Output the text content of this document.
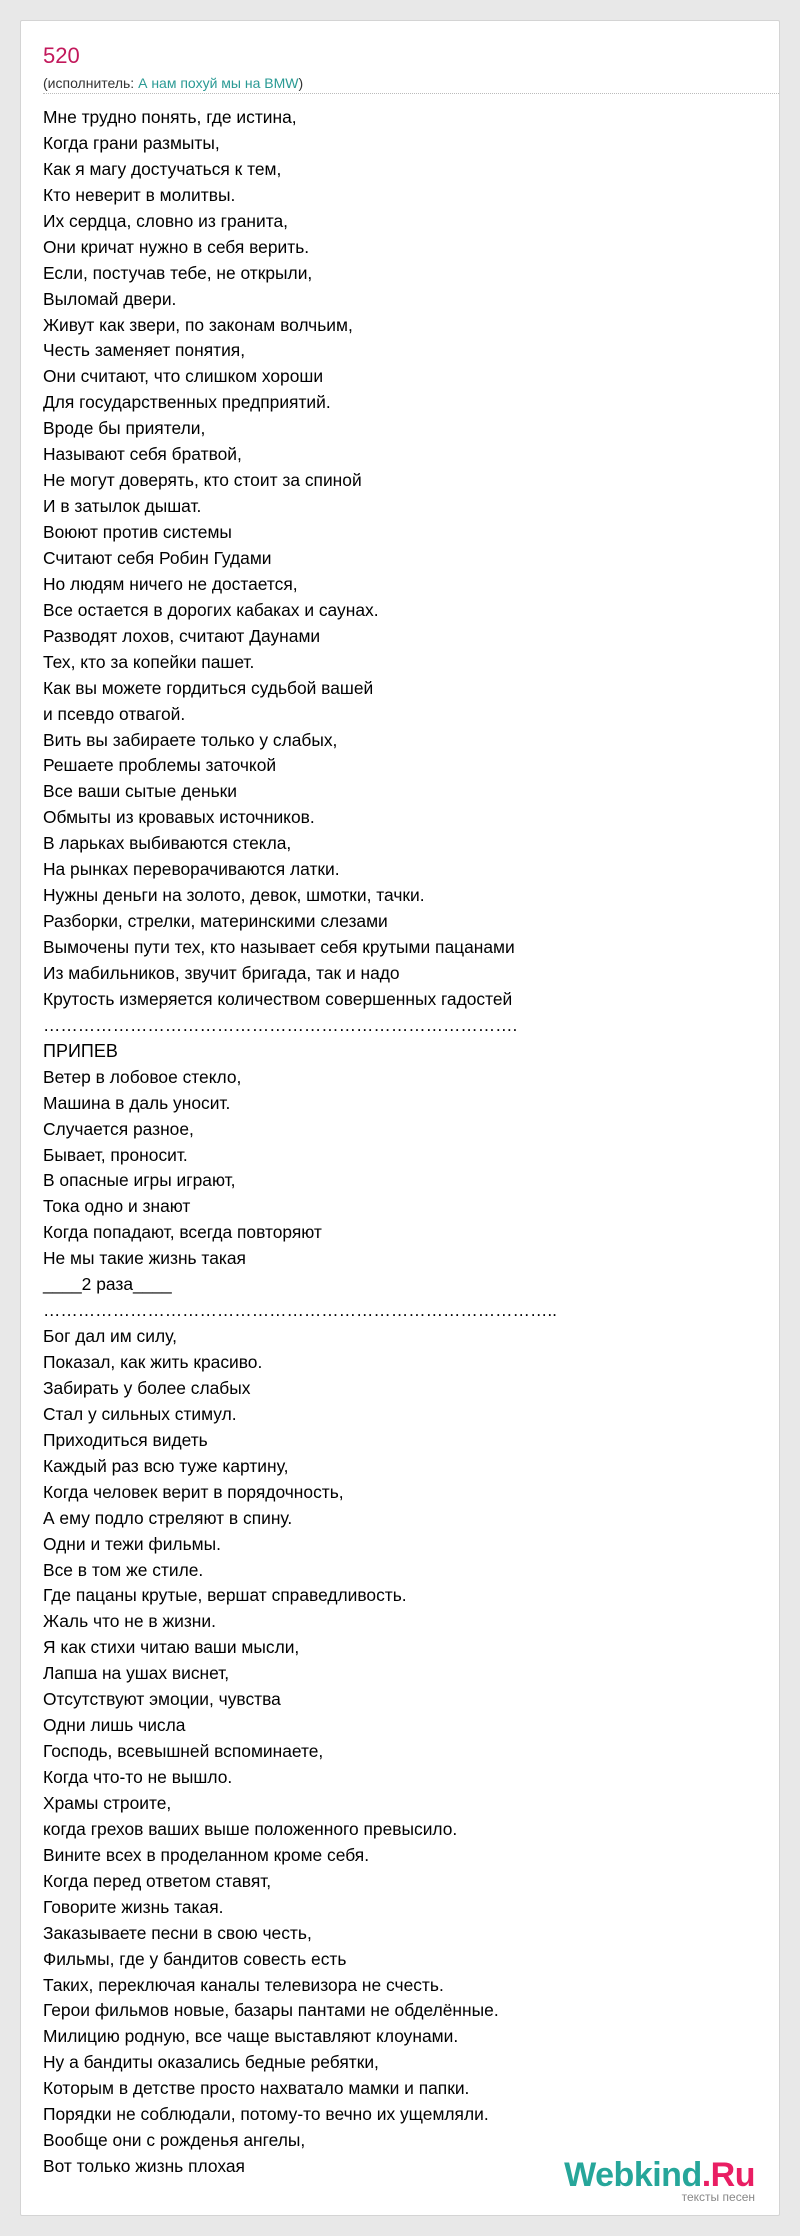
520
(исполнитель: А нам похуй мы на BMW)
Мне трудно понять, где истина,
Когда грани размыты,
Как я магу достучаться к тем,
Кто неверит в молитвы.
Их сердца, словно из гранита,
Они кричат нужно в себя верить.
Если, постучав тебе, не открыли,
Выломай двери.
Живут как звери, по законам волчьим,
Честь заменяет понятия,
Они считают, что слишком хороши
Для государственных предприятий.
Вроде бы приятели,
Называют себя братвой,
Не могут доверять, кто стоит за спиной
И в затылок дышат.
Воюют против системы
Считают себя Робин Гудами
Но людям ничего не достается,
Все остается в дорогих кабаках и саунах.
Разводят лохов, считают Даунами
Тех, кто за копейки пашет.
Как вы можете гордиться судьбой вашей
и псевдо отвагой.
Вить вы забираете только у слабых,
Решаете проблемы заточкой
Все ваши сытые деньки
Обмыты из кровавых источников.
В ларьках выбиваются стекла,
На рынках переворачиваются латки.
Нужны деньги на золото, девок, шмотки, тачки.
Разборки, стрелки, материнскими слезами
Вымочены пути тех, кто называет себя крутыми пацанами
Из мабильников, звучит бригада, так и надо
Крутость измеряется количеством совершенных гадостей
……………………………………………………………………….
ПРИПЕВ
Ветер в лобовое стекло,
Машина в даль уносит.
Случается разное,
Бывает, проносит.
В опасные игры играют,
Тока одно и знают
Когда попадают, всегда повторяют
Не мы такие жизнь такая
____2 раза____
……………………………………………………………………………..
Бог дал им силу,
Показал, как жить красиво.
Забирать у более слабых
Стал у сильных стимул.
Приходиться видеть
Каждый раз всю туже картину,
Когда человек верит в порядочность,
А ему подло стреляют в спину.
Одни и тежи фильмы.
Все в том же стиле.
Где пацаны крутые, вершат справедливость.
Жаль что не в жизни.
Я как стихи читаю ваши мысли,
Лапша на ушах виснет,
Отсутствуют эмоции, чувства
Одни лишь числа
Господь, всевышней вспоминаете,
Когда что-то не вышло.
Храмы строите,
когда грехов ваших выше положенного превысило.
Вините всех в проделанном кроме себя.
Когда перед ответом ставят,
Говорите жизнь такая.
Заказываете песни в свою честь,
Фильмы, где у бандитов совесть есть
Таких, переключая каналы телевизора не счесть.
Герои фильмов новые, базары пантами не обделённые.
Милицию родную, все чаще выставляют клоунами.
Ну а бандиты оказались бедные ребятки,
Которым в детстве просто нахватало мамки и папки.
Порядки не соблюдали, потому-то вечно их ущемляли.
Вообще они с рожденья ангелы,
Вот только жизнь плохая	Webkind.Ru
тексты песен
